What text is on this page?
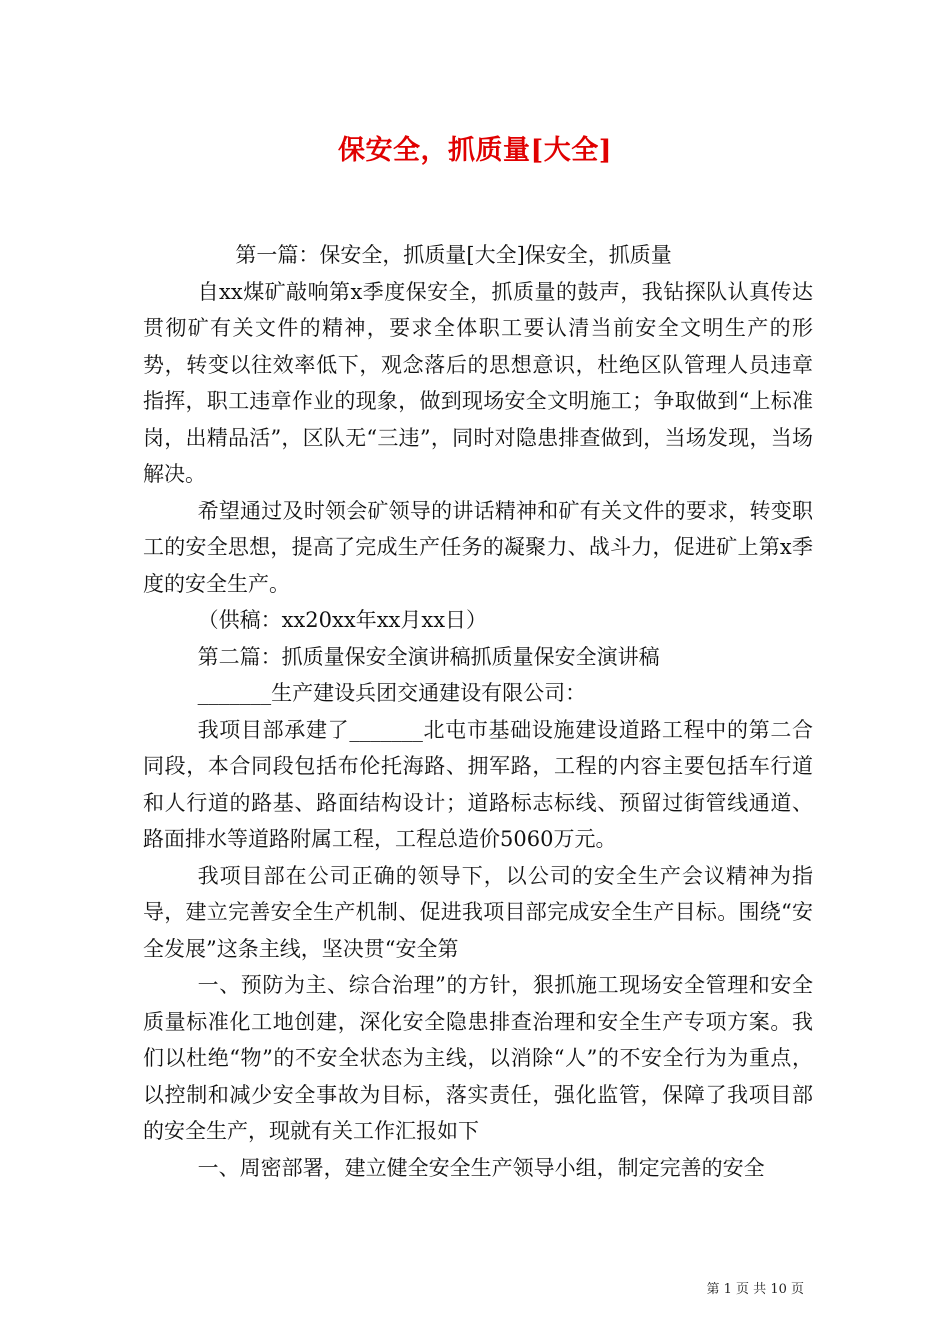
保安全，抓质量[大全]

第一篇：保安全，抓质量[大全]保安全，抓质量

自xx煤矿敲响第x季度保安全，抓质量的鼓声，我钻探队认真传达贯彻矿有关文件的精神，要求全体职工要认清当前安全文明生产的形势，转变以往效率低下，观念落后的思想意识，杜绝区队管理人员违章指挥，职工违章作业的现象，做到现场安全文明施工；争取做到“上标准岗，出精品活”，区队无“三违”，同时对隐患排查做到，当场发现，当场解决。

希望通过及时领会矿领导的讲话精神和矿有关文件的要求，转变职工的安全思想，提高了完成生产任务的凝聚力、战斗力，促进矿上第x季度的安全生产。

（供稿：xx20xx年xx月xx日）

第二篇：抓质量保安全演讲稿抓质量保安全演讲稿

_______生产建设兵团交通建设有限公司：

我项目部承建了_______北屯市基础设施建设道路工程中的第二合同段，本合同段包括布伦托海路、拥军路，工程的内容主要包括车行道和人行道的路基、路面结构设计；道路标志标线、预留过街管线通道、路面排水等道路附属工程，工程总造价5060万元。

我项目部在公司正确的领导下，以公司的安全生产会议精神为指导，建立完善安全生产机制、促进我项目部完成安全生产目标。围绕“安全发展”这条主线，坚决贯“安全第

一、预防为主、综合治理”的方针，狠抓施工现场安全管理和安全质量标准化工地创建，深化安全隐患排查治理和安全生产专项方案。我们以杜绝“物”的不安全状态为主线，以消除“人”的不安全行为为重点，以控制和减少安全事故为目标，落实责任，强化监管，保障了我项目部的安全生产，现就有关工作汇报如下

一、周密部署，建立健全安全生产领导小组，制定完善的安全

第 1 页 共 10 页
